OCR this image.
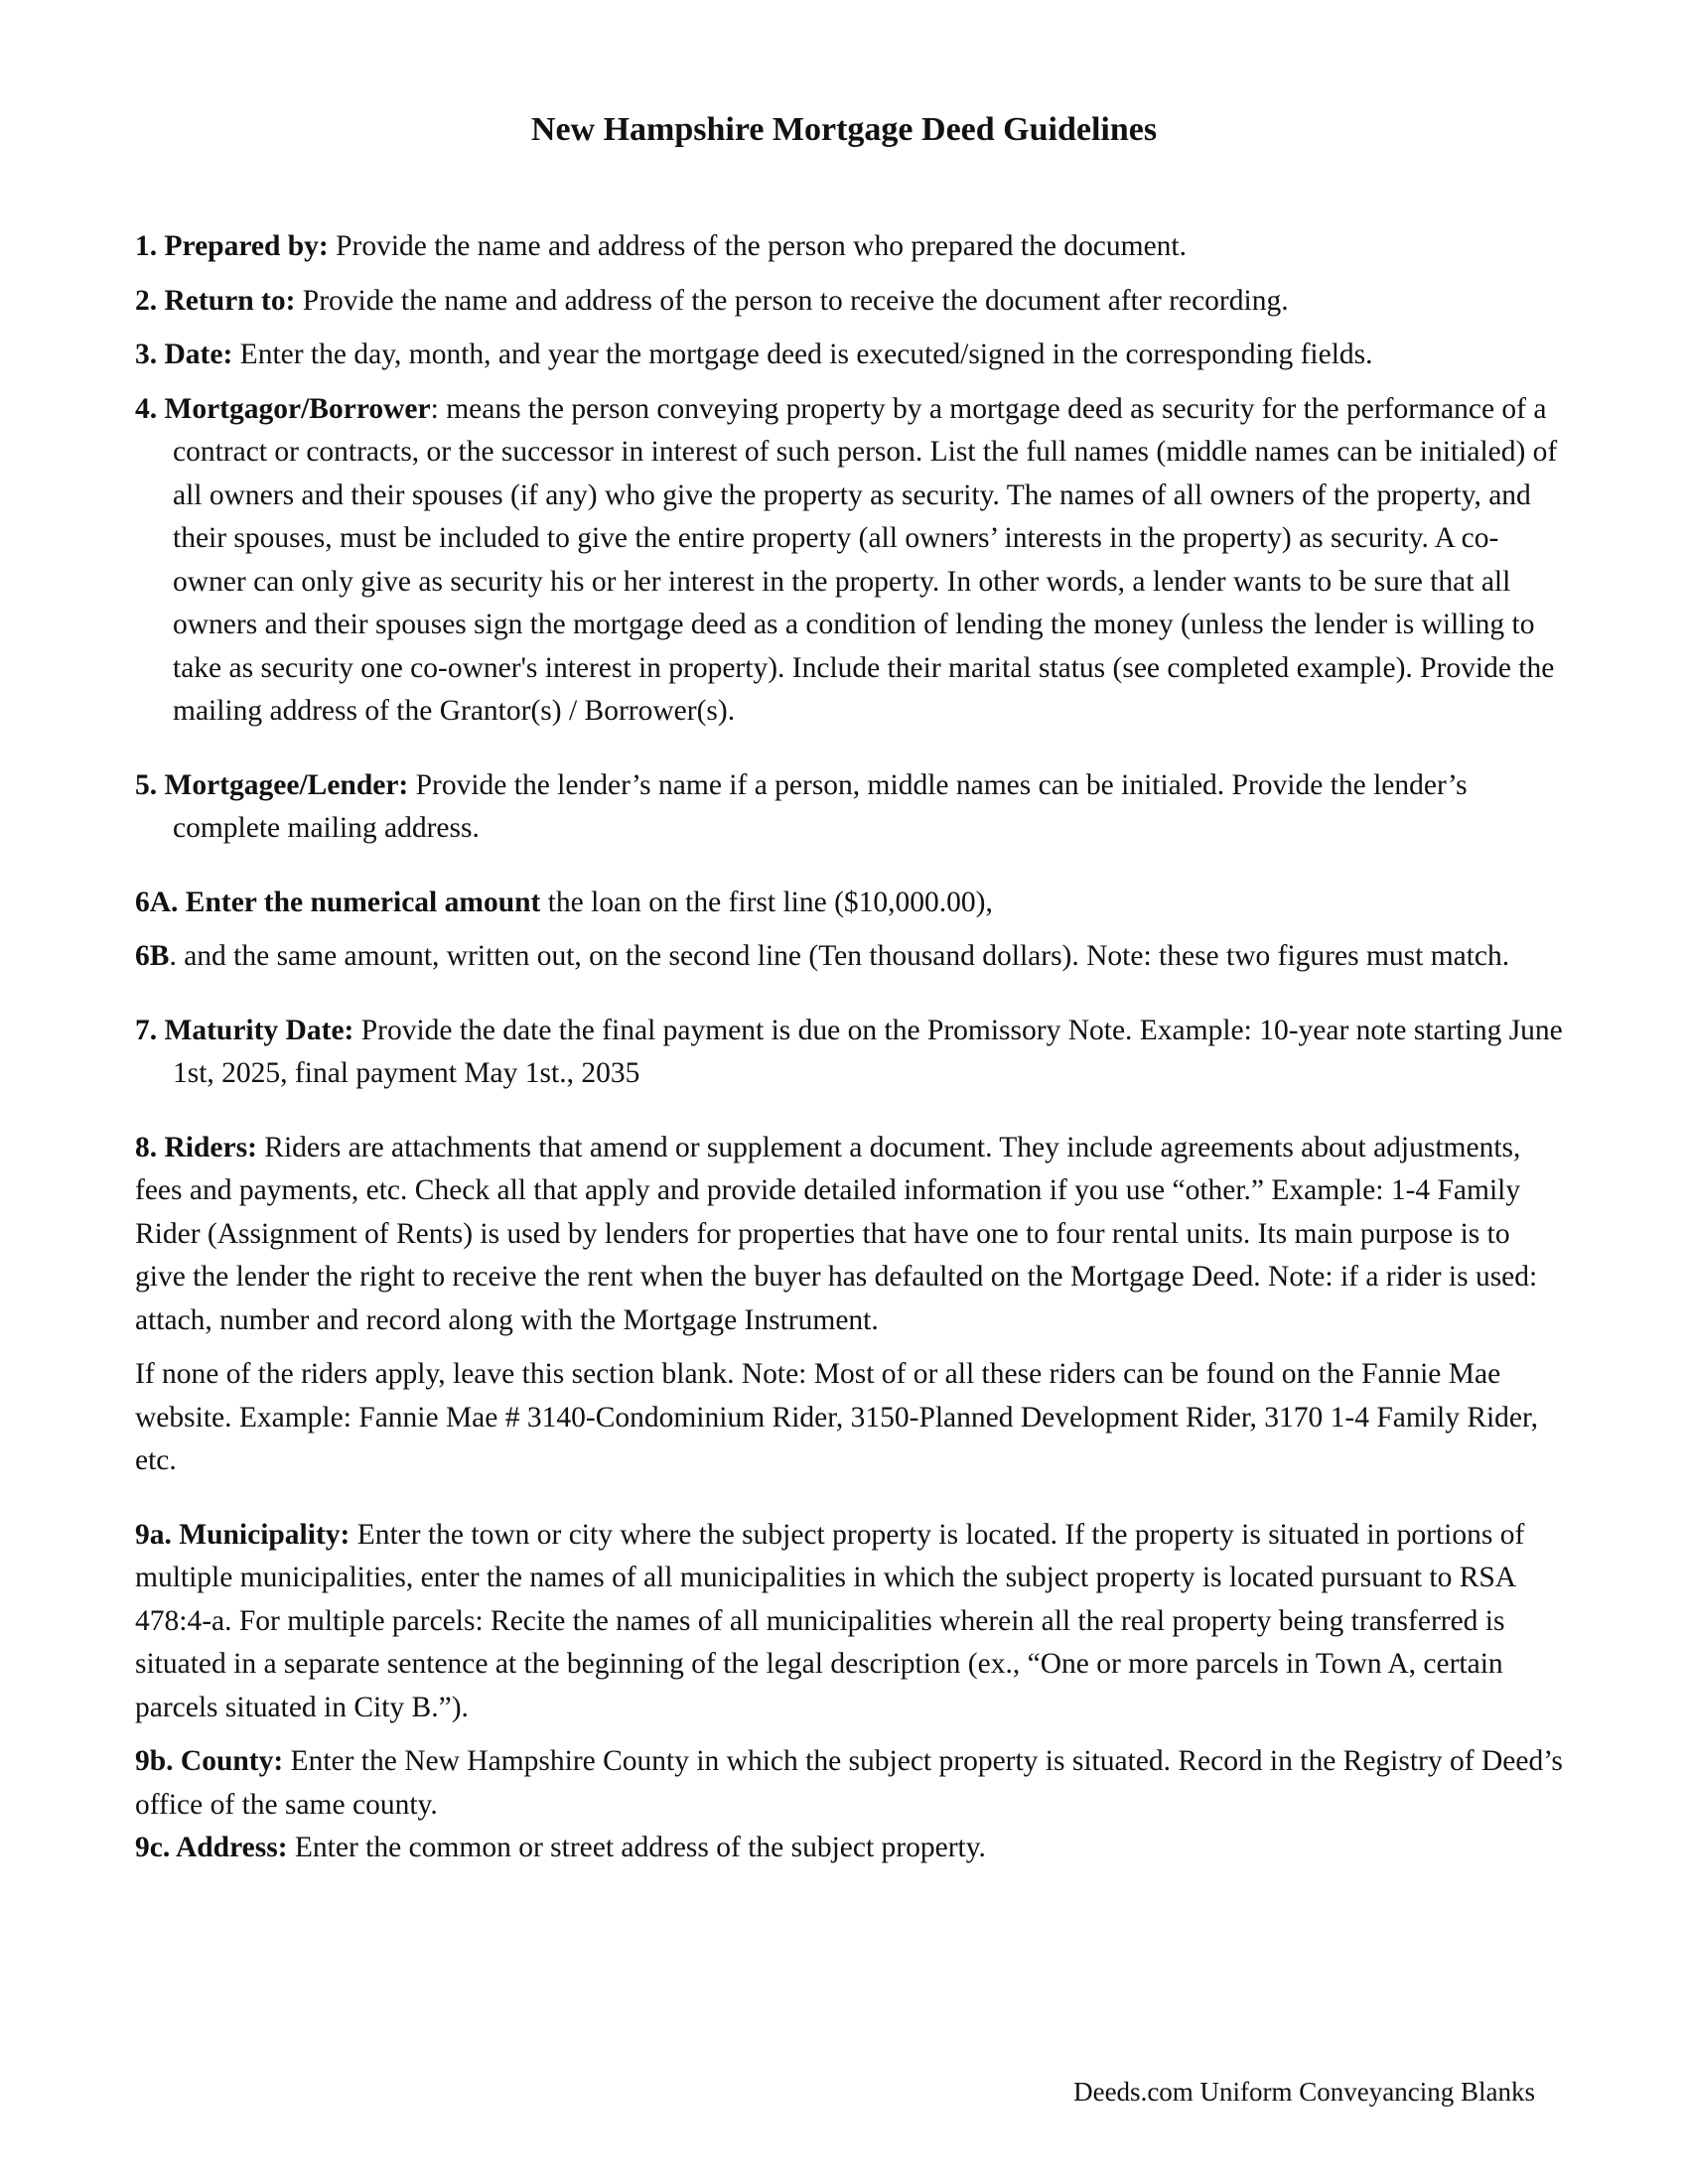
New Hampshire Mortgage Deed Guidelines

1. Prepared by: Provide the name and address of the person who prepared the document.

2. Return to: Provide the name and address of the person to receive the document after recording.

3. Date: Enter the day, month, and year the mortgage deed is executed/signed in the corresponding fields.

4. Mortgagor/Borrower: means the person conveying property by a mortgage deed as security for the performance of a contract or contracts, or the successor in interest of such person. List the full names (middle names can be initialed) of all owners and their spouses (if any) who give the property as security. The names of all owners of the property, and their spouses, must be included to give the entire property (all owners’ interests in the property) as security. A co-owner can only give as security his or her interest in the property. In other words, a lender wants to be sure that all owners and their spouses sign the mortgage deed as a condition of lending the money (unless the lender is willing to take as security one co-owner's interest in property). Include their marital status (see completed example). Provide the mailing address of the Grantor(s) / Borrower(s).

5. Mortgagee/Lender: Provide the lender’s name if a person, middle names can be initialed. Provide the lender’s complete mailing address.

6A. Enter the numerical amount the loan on the first line ($10,000.00),

6B. and the same amount, written out, on the second line (Ten thousand dollars). Note: these two figures must match.

7. Maturity Date: Provide the date the final payment is due on the Promissory Note. Example: 10-year note starting June 1st, 2025, final payment May 1st., 2035

8. Riders: Riders are attachments that amend or supplement a document. They include agreements about adjustments, fees and payments, etc. Check all that apply and provide detailed information if you use “other.” Example: 1-4 Family Rider (Assignment of Rents) is used by lenders for properties that have one to four rental units. Its main purpose is to give the lender the right to receive the rent when the buyer has defaulted on the Mortgage Deed. Note: if a rider is used: attach, number and record along with the Mortgage Instrument.

If none of the riders apply, leave this section blank. Note: Most of or all these riders can be found on the Fannie Mae website. Example: Fannie Mae # 3140-Condominium Rider, 3150-Planned Development Rider, 3170 1-4 Family Rider, etc.

9a. Municipality: Enter the town or city where the subject property is located. If the property is situated in portions of multiple municipalities, enter the names of all municipalities in which the subject property is located pursuant to RSA 478:4-a. For multiple parcels: Recite the names of all municipalities wherein all the real property being transferred is situated in a separate sentence at the beginning of the legal description (ex., “One or more parcels in Town A, certain parcels situated in City B.”).

9b. County: Enter the New Hampshire County in which the subject property is situated. Record in the Registry of Deed’s office of the same county.

9c. Address: Enter the common or street address of the subject property.

Deeds.com Uniform Conveyancing Blanks
